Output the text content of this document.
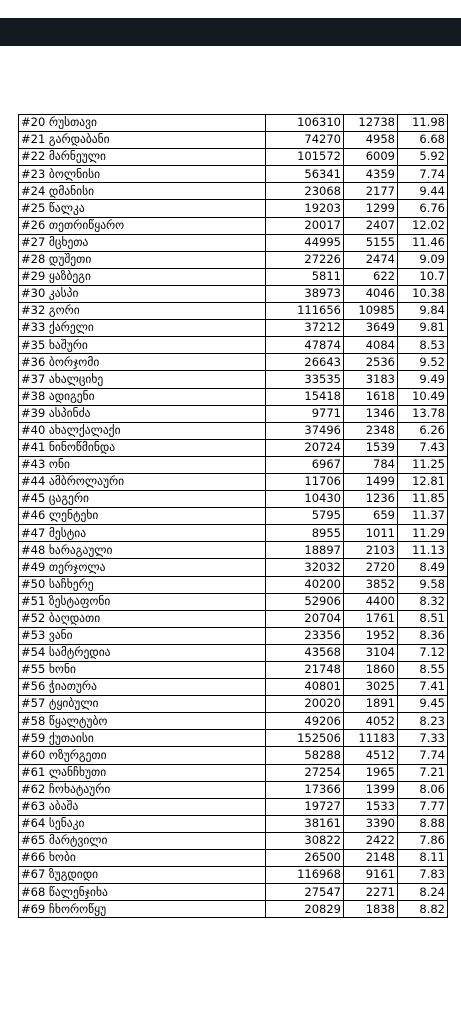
#20 რუსთავი	106310	12738	11.98
#21 გარდაბანი	74270	4958	6.68
#22 მარნეული	101572	6009	5.92
#23 ბოლნისი	56341	4359	7.74
#24 დმანისი	23068	2177	9.44
#25 წალკა	19203	1299	6.76
#26 თეთრიწყარო	20017	2407	12.02
#27 მცხეთა	44995	5155	11.46
#28 დუშეთი	27226	2474	9.09
#29 ყაზბეგი	5811	622	10.7
#30 კასპი	38973	4046	10.38
#32 გორი	111656	10985	9.84
#33 ქარელი	37212	3649	9.81
#35 ხაშური	47874	4084	8.53
#36 ბორჯომი	26643	2536	9.52
#37 ახალციხე	33535	3183	9.49
#38 ადიგენი	15418	1618	10.49
#39 ასპინძა	9771	1346	13.78
#40 ახალქალაქი	37496	2348	6.26
#41 ნინოწმინდა	20724	1539	7.43
#43 ონი	6967	784	11.25
#44 ამბროლაური	11706	1499	12.81
#45 ცაგერი	10430	1236	11.85
#46 ლენტეხი	5795	659	11.37
#47 მესტია	8955	1011	11.29
#48 ხარაგაული	18897	2103	11.13
#49 თერჯოლა	32032	2720	8.49
#50 საჩხერე	40200	3852	9.58
#51 ზესტაფონი	52906	4400	8.32
#52 ბაღდათი	20704	1761	8.51
#53 ვანი	23356	1952	8.36
#54 სამტრედია	43568	3104	7.12
#55 ხონი	21748	1860	8.55
#56 ჭიათურა	40801	3025	7.41
#57 ტყიბული	20020	1891	9.45
#58 წყალტუბო	49206	4052	8.23
#59 ქუთაისი	152506	11183	7.33
#60 ოზურგეთი	58288	4512	7.74
#61 ლანჩხუთი	27254	1965	7.21
#62 ჩოხატაური	17366	1399	8.06
#63 აბაშა	19727	1533	7.77
#64 სენაკი	38161	3390	8.88
#65 მარტვილი	30822	2422	7.86
#66 ხობი	26500	2148	8.11
#67 ზუგდიდი	116968	9161	7.83
#68 წალენჯიხა	27547	2271	8.24
#69 ჩხოროწყუ	20829	1838	8.82
